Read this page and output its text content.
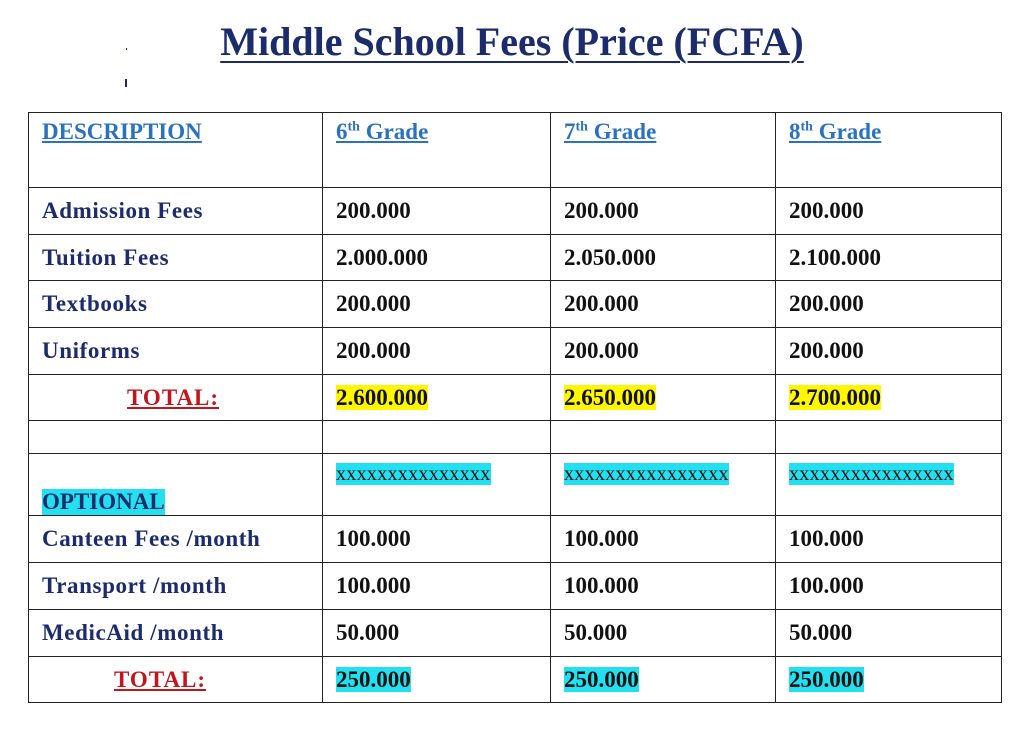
Middle School Fees (Price (FCFA)
DESCRIPTION	6th Grade	7th Grade	8th Grade
Admission Fees	200.000	200.000	200.000
Tuition Fees	2.000.000	2.050.000	2.100.000
Textbooks	200.000	200.000	200.000
Uniforms	200.000	200.000	200.000
TOTAL:	2.600.000	2.650.000	2.700.000

OPTIONAL	xxxxxxxxxxxxxxx	xxxxxxxxxxxxxxxx	xxxxxxxxxxxxxxxx
Canteen Fees /month	100.000	100.000	100.000
Transport /month	100.000	100.000	100.000
MedicAid /month	50.000	50.000	50.000
TOTAL:	250.000	250.000	250.000
